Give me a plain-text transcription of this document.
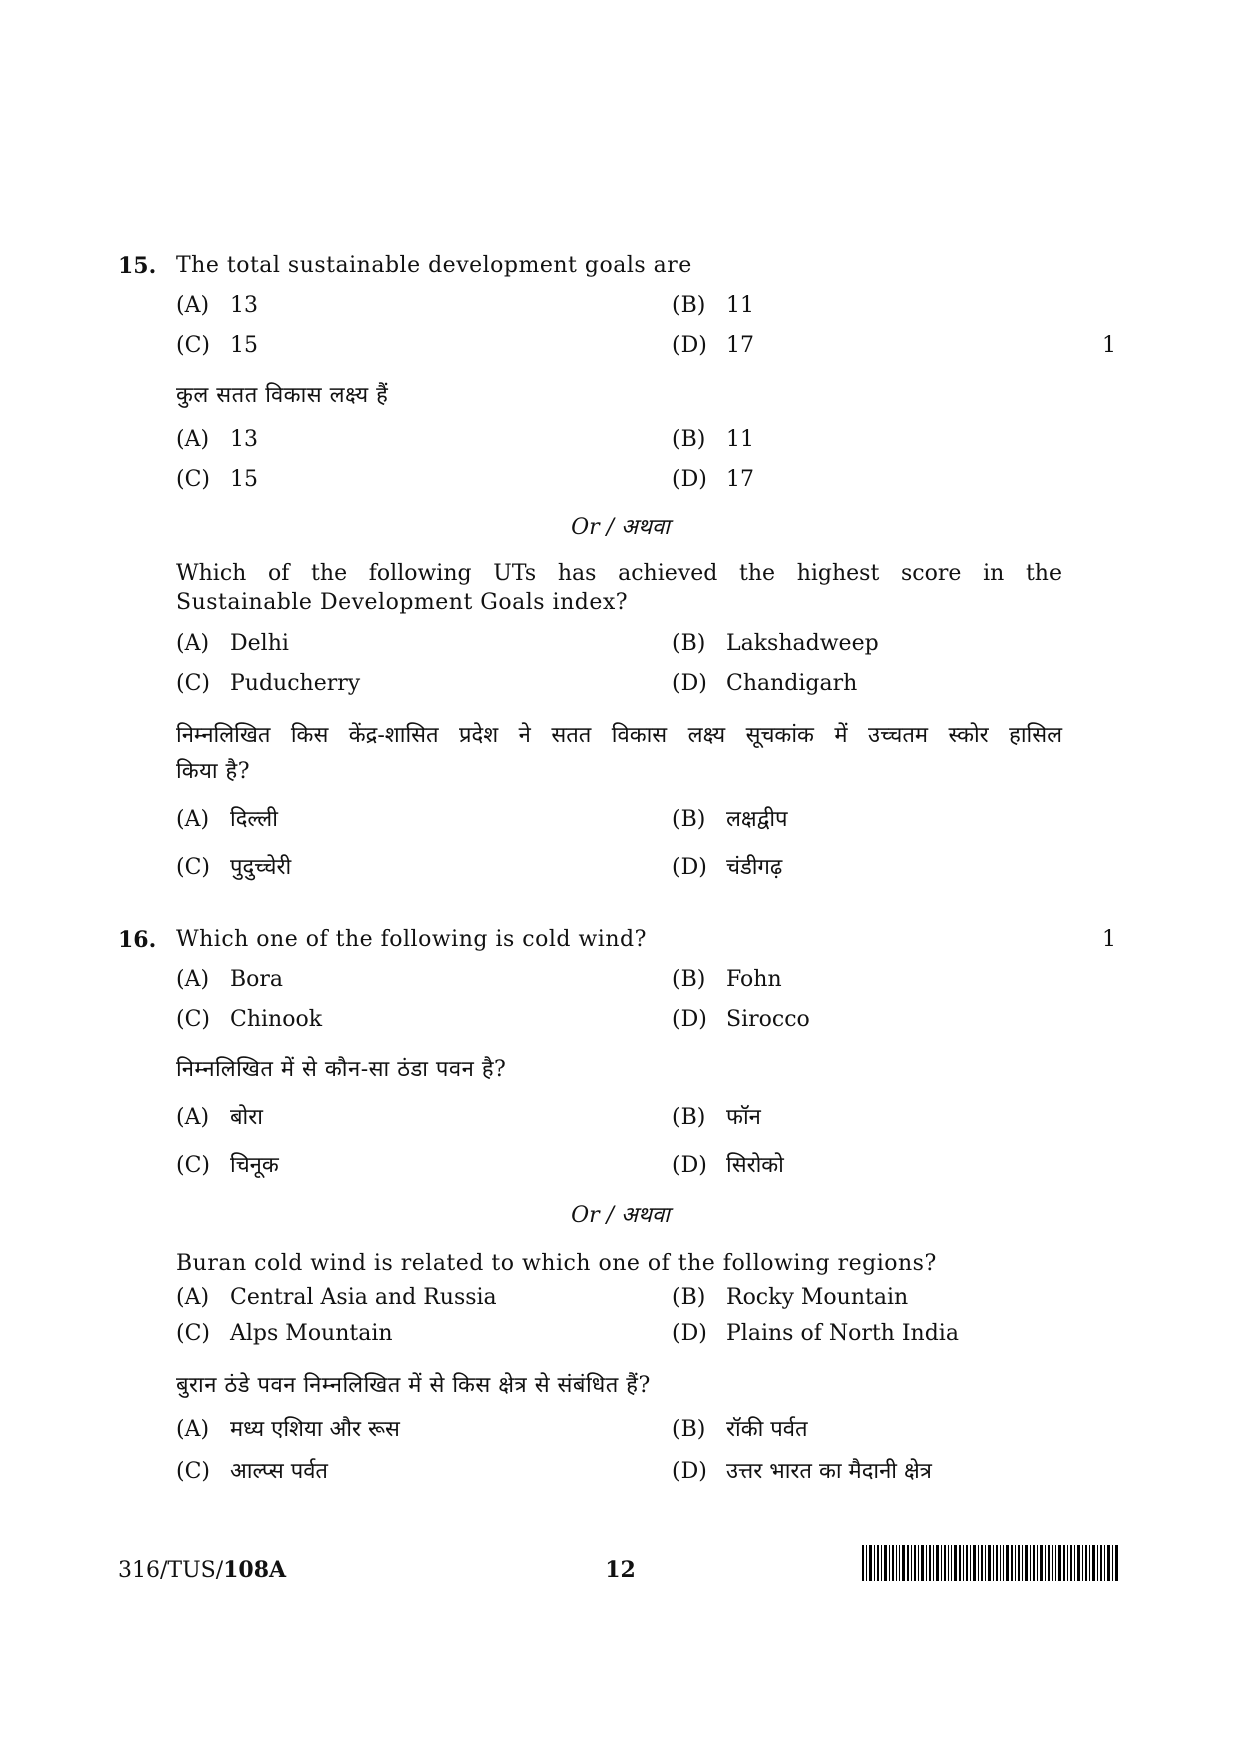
15. The total sustainable development goals are
(A) 13	(B) 11
(C) 15	(D) 17	1
कुल सतत विकास लक्ष्य हैं
(A) 13	(B) 11
(C) 15	(D) 17
Or / अथवा
Which of the following UTs has achieved the highest score in the
Sustainable Development Goals index?
(A) Delhi	(B) Lakshadweep
(C) Puducherry	(D) Chandigarh
निम्नलिखित किस केंद्र-शासित प्रदेश ने सतत विकास लक्ष्य सूचकांक में उच्चतम स्कोर हासिल
किया है?
(A) दिल्ली	(B) लक्षद्वीप
(C) पुदुच्चेरी	(D) चंडीगढ़
16. Which one of the following is cold wind?	1
(A) Bora	(B) Fohn
(C) Chinook	(D) Sirocco
निम्नलिखित में से कौन-सा ठंडा पवन है?
(A) बोरा	(B) फॉन
(C) चिनूक	(D) सिरोको
Or / अथवा
Buran cold wind is related to which one of the following regions?
(A) Central Asia and Russia	(B) Rocky Mountain
(C) Alps Mountain	(D) Plains of North India
बुरान ठंडे पवन निम्नलिखित में से किस क्षेत्र से संबंधित हैं?
(A) मध्य एशिया और रूस	(B) रॉकी पर्वत
(C) आल्प्स पर्वत	(D) उत्तर भारत का मैदानी क्षेत्र
316/TUS/108A	12
